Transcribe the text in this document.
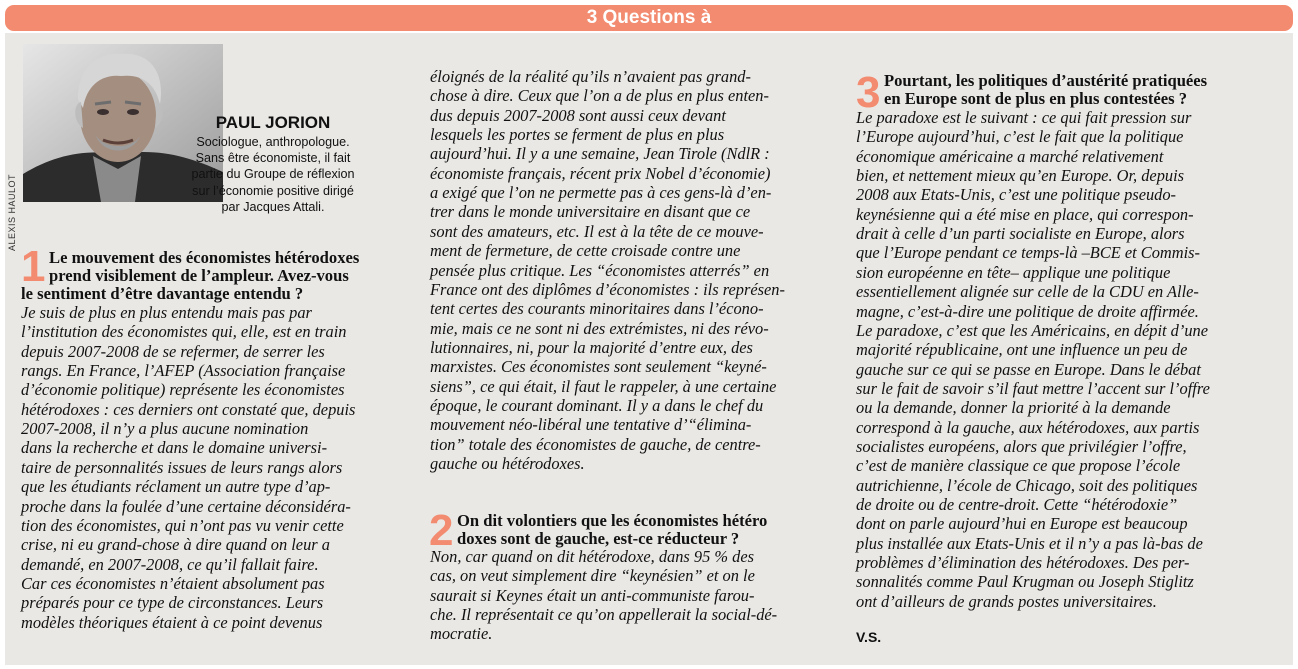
3 Questions à
ALEXIS HAULOT
PAUL JORION
Sociologue, anthropologue.
Sans être économiste, il fait
partie du Groupe de réflexion
sur l’économie positive dirigé
par Jacques Attali.
1 Le mouvement des économistes hétérodoxes
prend visiblement de l’ampleur. Avez-vous
le sentiment d’être davantage entendu ?
Je suis de plus en plus entendu mais pas par
l’institution des économistes qui, elle, est en train
depuis 2007-2008 de se refermer, de serrer les
rangs. En France, l’AFEP (Association française
d’économie politique) représente les économistes
hétérodoxes : ces derniers ont constaté que, depuis
2007-2008, il n’y a plus aucune nomination
dans la recherche et dans le domaine universi-
taire de personnalités issues de leurs rangs alors
que les étudiants réclament un autre type d’ap-
proche dans la foulée d’une certaine déconsidéra-
tion des économistes, qui n’ont pas vu venir cette
crise, ni eu grand-chose à dire quand on leur a
demandé, en 2007-2008, ce qu’il fallait faire.
Car ces économistes n’étaient absolument pas
préparés pour ce type de circonstances. Leurs
modèles théoriques étaient à ce point devenus
éloignés de la réalité qu’ils n’avaient pas grand-
chose à dire. Ceux que l’on a de plus en plus enten-
dus depuis 2007-2008 sont aussi ceux devant
lesquels les portes se ferment de plus en plus
aujourd’hui. Il y a une semaine, Jean Tirole (NdlR :
économiste français, récent prix Nobel d’économie)
a exigé que l’on ne permette pas à ces gens-là d’en-
trer dans le monde universitaire en disant que ce
sont des amateurs, etc. Il est à la tête de ce mouve-
ment de fermeture, de cette croisade contre une
pensée plus critique. Les “économistes atterrés” en
France ont des diplômes d’économistes : ils représen-
tent certes des courants minoritaires dans l’écono-
mie, mais ce ne sont ni des extrémistes, ni des révo-
lutionnaires, ni, pour la majorité d’entre eux, des
marxistes. Ces économistes sont seulement “keyné-
siens”, ce qui était, il faut le rappeler, à une certaine
époque, le courant dominant. Il y a dans le chef du
mouvement néo-libéral une tentative d’“élimina-
tion” totale des économistes de gauche, de centre-
gauche ou hétérodoxes.
2 On dit volontiers que les économistes hétéro
doxes sont de gauche, est-ce réducteur ?
Non, car quand on dit hétérodoxe, dans 95 % des
cas, on veut simplement dire “keynésien” et on le
saurait si Keynes était un anti-communiste farou-
che. Il représentait ce qu’on appellerait la social-dé-
mocratie.
3 Pourtant, les politiques d’austérité pratiquées
en Europe sont de plus en plus contestées ?
Le paradoxe est le suivant : ce qui fait pression sur
l’Europe aujourd’hui, c’est le fait que la politique
économique américaine a marché relativement
bien, et nettement mieux qu’en Europe. Or, depuis
2008 aux Etats-Unis, c’est une politique pseudo-
keynésienne qui a été mise en place, qui correspon-
drait à celle d’un parti socialiste en Europe, alors
que l’Europe pendant ce temps-là –BCE et Commis-
sion européenne en tête– applique une politique
essentiellement alignée sur celle de la CDU en Alle-
magne, c’est-à-dire une politique de droite affirmée.
Le paradoxe, c’est que les Américains, en dépit d’une
majorité républicaine, ont une influence un peu de
gauche sur ce qui se passe en Europe. Dans le débat
sur le fait de savoir s’il faut mettre l’accent sur l’offre
ou la demande, donner la priorité à la demande
correspond à la gauche, aux hétérodoxes, aux partis
socialistes européens, alors que privilégier l’offre,
c’est de manière classique ce que propose l’école
autrichienne, l’école de Chicago, soit des politiques
de droite ou de centre-droit. Cette “hétérodoxie”
dont on parle aujourd’hui en Europe est beaucoup
plus installée aux Etats-Unis et il n’y a pas là-bas de
problèmes d’élimination des hétérodoxes. Des per-
sonnalités comme Paul Krugman ou Joseph Stiglitz
ont d’ailleurs de grands postes universitaires.
V.S.
